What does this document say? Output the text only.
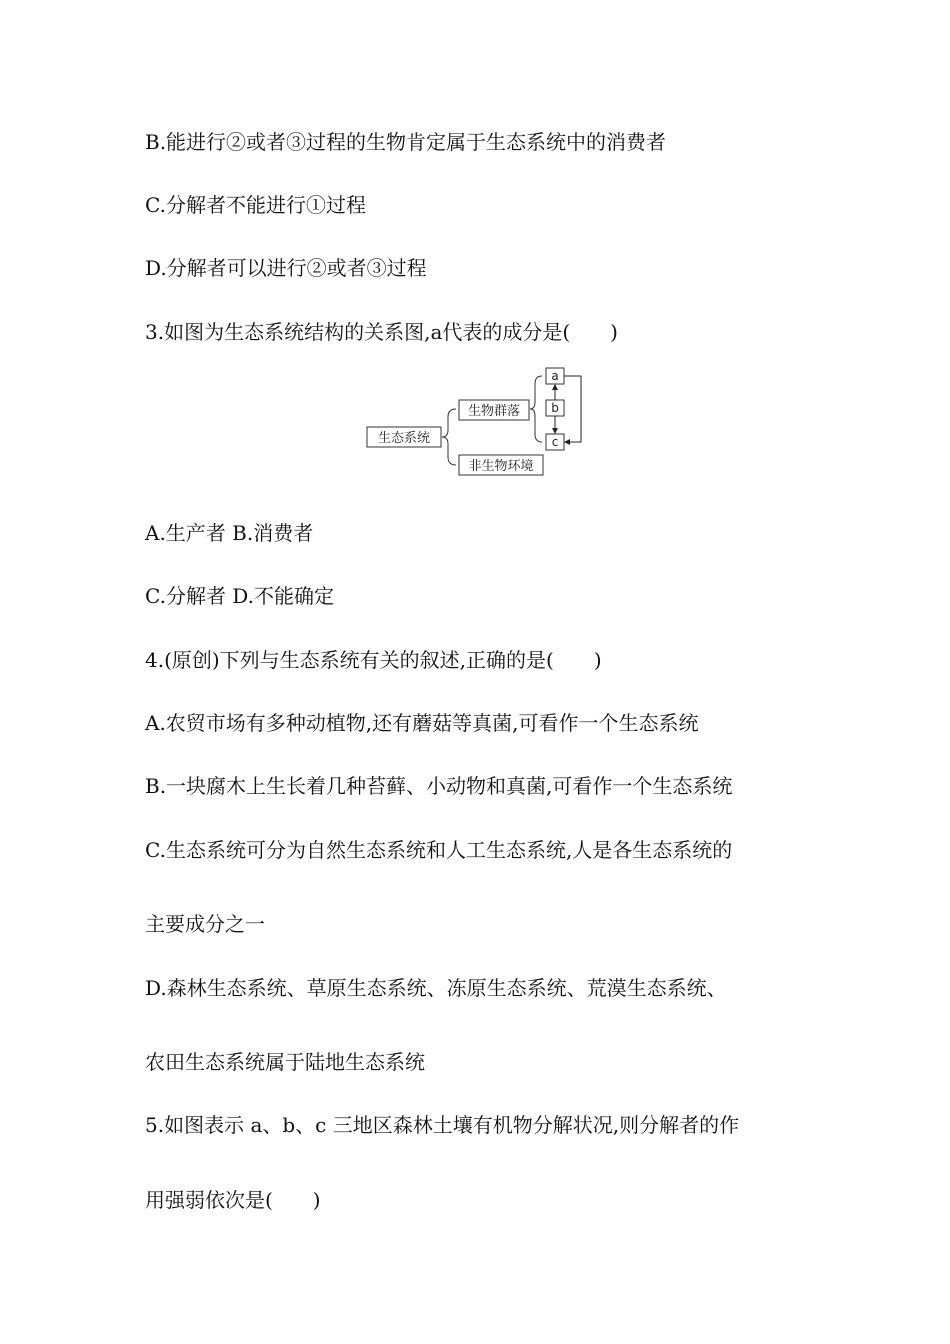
B.能进行②或者③过程的生物肯定属于生态系统中的消费者
C.分解者不能进行①过程
D.分解者可以进行②或者③过程
3.如图为生态系统结构的关系图,a代表的成分是(　　)
生态系统
生物群落
非生物环境
a
b
c
A.生产者 B.消费者
C.分解者 D.不能确定
4.(原创)下列与生态系统有关的叙述,正确的是(　　)
A.农贸市场有多种动植物,还有蘑菇等真菌,可看作一个生态系统
B.一块腐木上生长着几种苔藓、小动物和真菌,可看作一个生态系统
C.生态系统可分为自然生态系统和人工生态系统,人是各生态系统的
主要成分之一
D.森林生态系统、草原生态系统、冻原生态系统、荒漠生态系统、
农田生态系统属于陆地生态系统
5.如图表示 a、b、c 三地区森林土壤有机物分解状况,则分解者的作
用强弱依次是(　　)
